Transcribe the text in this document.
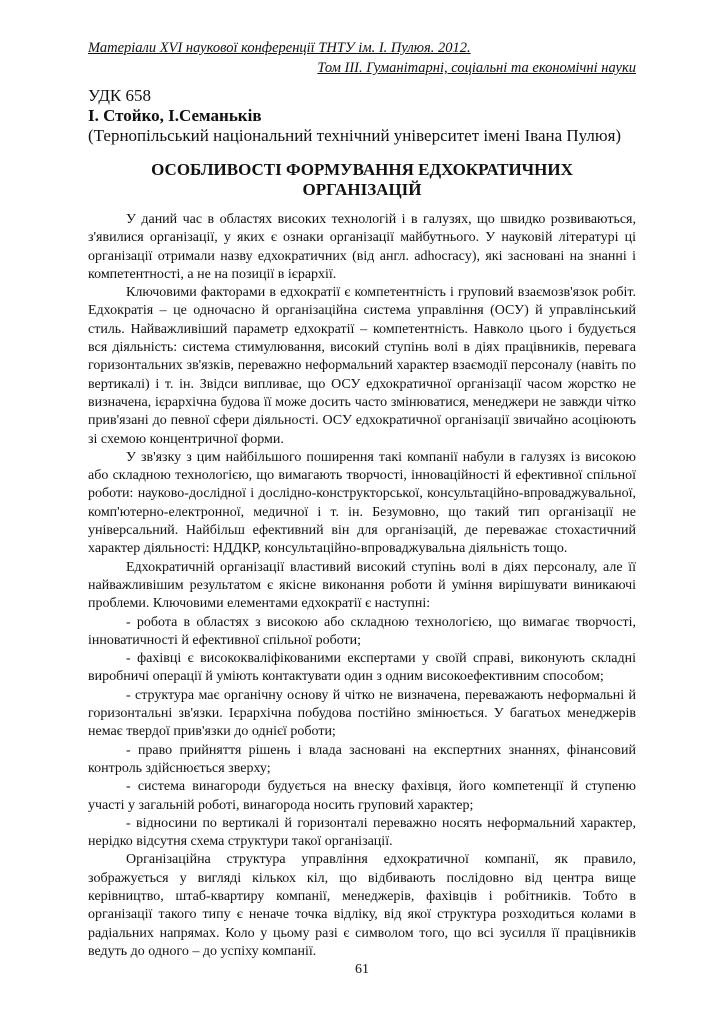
Матеріали XVI наукової конференції ТНТУ ім. І. Пулюя. 2012.
Том ІІІ. Гуманітарні, соціальні та економічні науки
УДК 658
І. Стойко, І.Семаньків
(Тернопільський національний технічний університет імені Івана Пулюя)
ОСОБЛИВОСТІ ФОРМУВАННЯ ЕДХОКРАТИЧНИХ
ОРГАНІЗАЦІЙ

У даний час в областях високих технологій і в галузях, що швидко розвиваються, з'явилися організації, у яких є ознаки організації майбутнього. У науковій літературі ці організації отримали назву едхократичних (від англ. adhocracy), які засновані на знанні і компетентності, а не на позиції в ієрархії.

Ключовими факторами в едхократії є компетентність і груповий взаємозв'язок робіт. Едхократія – це одночасно й організаційна система управління (ОСУ) й управлінський стиль. Найважливіший параметр едхократії – компетентність. Навколо цього і будується вся діяльність: система стимулювання, високий ступінь волі в діях працівників, перевага горизонтальних зв'язків, переважно неформальний характер взаємодії персоналу (навіть по вертикалі) і т. ін. Звідси випливає, що ОСУ едхократичної організації часом жорстко не визначена, ієрархічна будова її може досить часто змінюватися, менеджери не завжди чітко прив'язані до певної сфери діяльності. ОСУ едхократичної організації звичайно асоціюють зі схемою концентричної форми.

У зв'язку з цим найбільшого поширення такі компанії набули в галузях із високою або складною технологією, що вимагають творчості, інноваційності й ефективної спільної роботи: науково-дослідної і дослідно-конструкторської, консультаційно-впроваджувальної, комп'ютерно-електронної, медичної і т. ін. Безумовно, що такий тип організації не універсальний. Найбільш ефективний він для організацій, де переважає стохастичний характер діяльності: НДДКР, консультаційно-впроваджувальна діяльність тощо.

Едхократичній організації властивий високий ступінь волі в діях персоналу, але її найважливішим результатом є якісне виконання роботи й уміння вирішувати виникаючі проблеми. Ключовими елементами едхократії є наступні:

- робота в областях з високою або складною технологією, що вимагає творчості, інноватичності й ефективної спільної роботи;

- фахівці є висококваліфікованими експертами у своїй справі, виконують складні виробничі операції й уміють контактувати один з одним високоефективним способом;

- структура має органічну основу й чітко не визначена, переважають неформальні й горизонтальні зв'язки. Ієрархічна побудова постійно змінюється. У багатьох менеджерів немає твердої прив'язки до однієї роботи;

- право прийняття рішень і влада засновані на експертних знаннях, фінансовий контроль здійснюється зверху;

- система винагороди будується на внеску фахівця, його компетенції й ступеню участі у загальній роботі, винагорода носить груповий характер;

- відносини по вертикалі й горизонталі переважно носять неформальний характер, нерідко відсутня схема структури такої організації.

Організаційна структура управління едхократичної компанії, як правило, зображується у вигляді кількох кіл, що відбивають послідовно від центра вище керівництво, штаб-квартиру компанії, менеджерів, фахівців і робітників. Тобто в організації такого типу є неначе точка відліку, від якої структура розходиться колами в радіальних напрямах. Коло у цьому разі є символом того, що всі зусилля її працівників ведуть до одного – до успіху компанії.

61
